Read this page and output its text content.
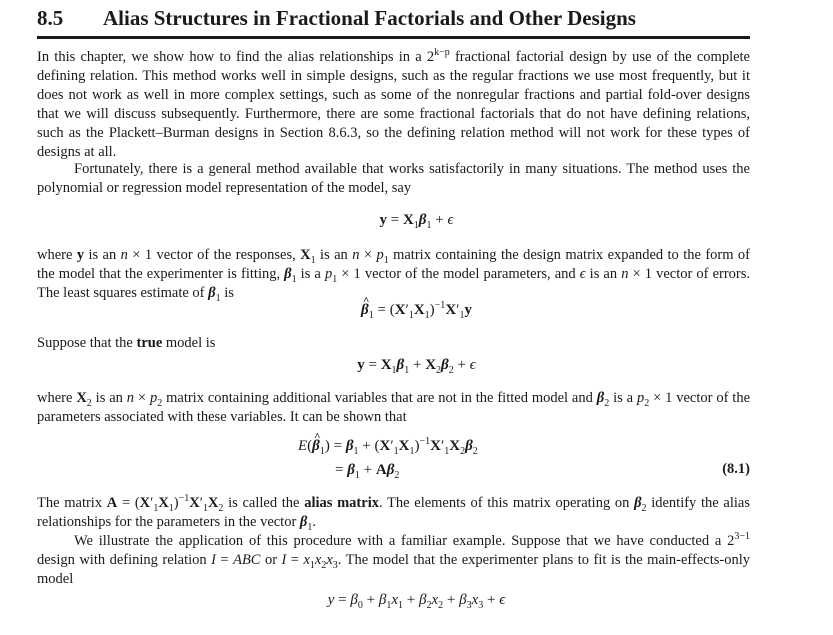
8.5 Alias Structures in Fractional Factorials and Other Designs

In this chapter, we show how to find the alias relationships in a $2^{k-p}$ fractional factorial design by use of the complete defining relation. This method works well in simple designs, such as the regular fractions we use most frequently, but it does not work as well in more complex settings, such as some of the nonregular fractions and partial fold-over designs that we will discuss subsequently. Furthermore, there are some fractional factorials that do not have defining relations, such as the Plackett–Burman designs in Section 8.6.3, so the defining relation method will not work for these types of designs at all.

Fortunately, there is a general method available that works satisfactorily in many situations. The method uses the polynomial or regression model representation of the model, say

$y = X_1\beta_1 + \epsilon$

where y is an n × 1 vector of the responses, $X_1$ is an $n \times p_1$ matrix containing the design matrix expanded to the form of the model that the experimenter is fitting, $\beta_1$ is a $p_1 \times 1$ vector of the model parameters, and ϵ is an n × 1 vector of errors. The least squares estimate of $\beta_1$ is

^ $\beta_1 = (X'_1X_1)^{-1}X'_1y$

Suppose that the true model is

$y = X_1\beta_1 + X_2\beta_2 + \epsilon$

where $X_2$ is an $n \times p_2$ matrix containing additional variables that are not in the fitted model and $\beta_2$ is a $p_2 \times 1$ vector of the parameters associated with these variables. It can be shown that

E(^ $\beta_1) = \beta_1 + (X'_1X_1)^{-1}X'_1X_2\beta_2$
= $\beta_1 + A\beta_2$	(8.1)

The matrix $A = (X'_1X_1)^{-1}X'_1X_2$ is called the alias matrix. The elements of this matrix operating on $\beta_2$ identify the alias relationships for the parameters in the vector $\beta_1$.

We illustrate the application of this procedure with a familiar example. Suppose that we have conducted a $2^{3-1}$ design with defining relation I = ABC or $I = x_1x_2x_3$. The model that the experimenter plans to fit is the main-effects-only model

$y = \beta_0 + \beta_1x_1 + \beta_2x_2 + \beta_3x_3 + \epsilon$
